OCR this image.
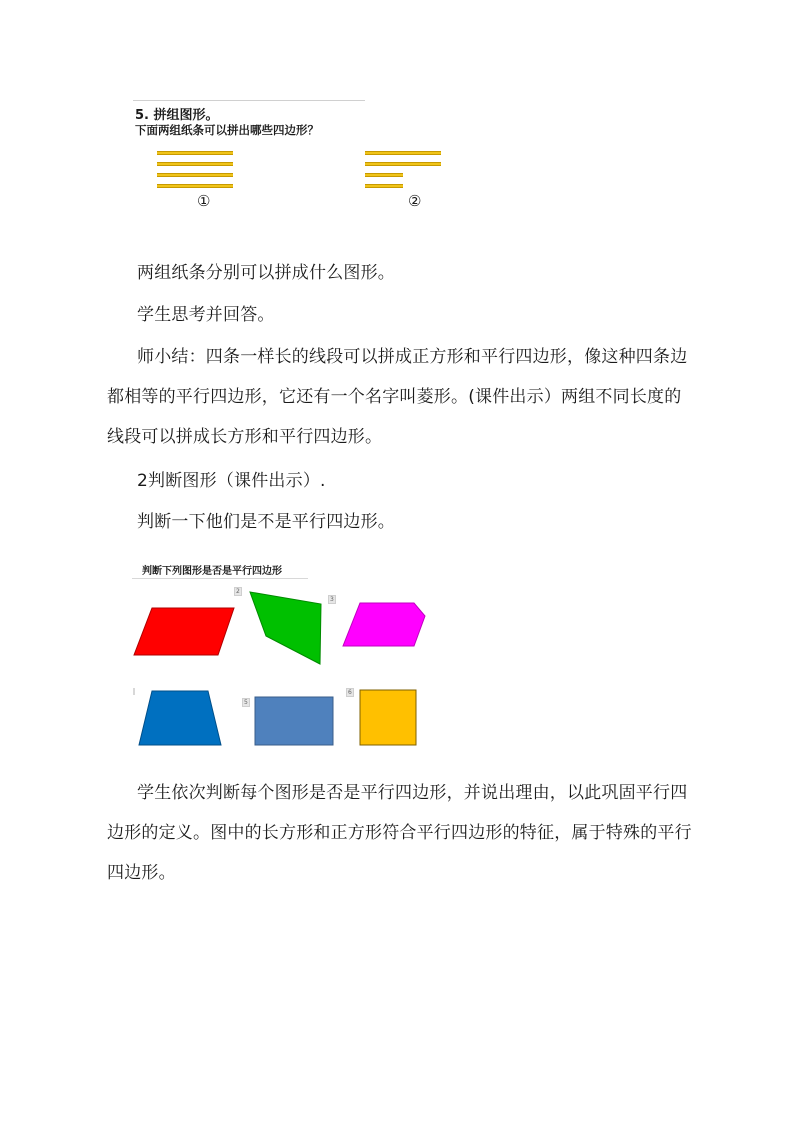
5. 拼组图形。
下面两组纸条可以拼出哪些四边形？
①	②

两组纸条分别可以拼成什么图形。

学生思考并回答。

师小结：四条一样长的线段可以拼成正方形和平行四边形，像这种四条边都相等的平行四边形，它还有一个名字叫菱形。(课件出示）两组不同长度的线段可以拼成长方形和平行四边形。

2判断图形（课件出示）.

判断一下他们是不是平行四边形。

判断下列图形是否是平行四边形
2
3
5
6

学生依次判断每个图形是否是平行四边形，并说出理由，以此巩固平行四边形的定义。图中的长方形和正方形符合平行四边形的特征，属于特殊的平行四边形。
